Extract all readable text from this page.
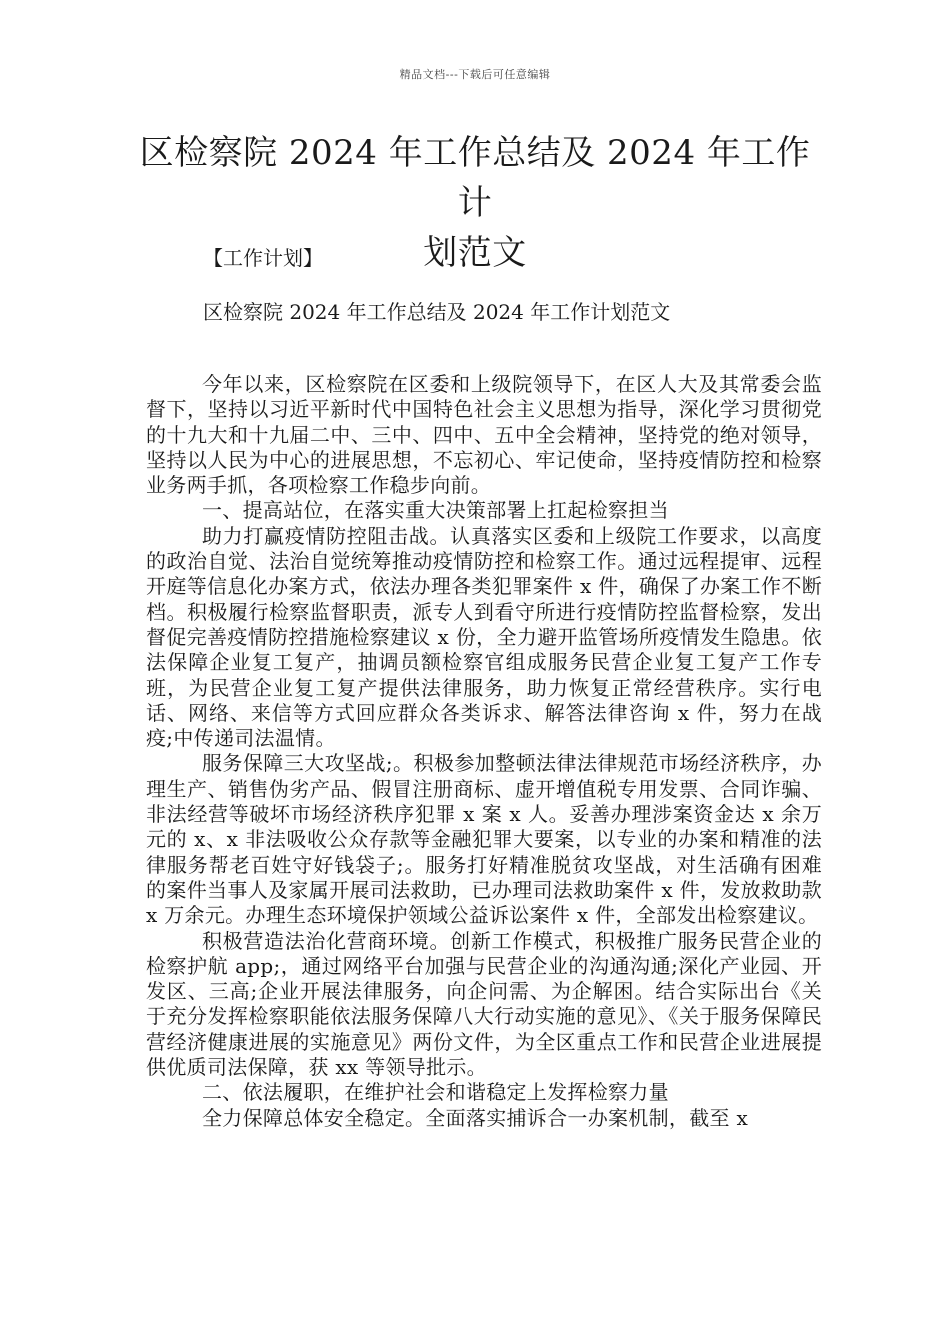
精品文档---下载后可任意编辑
区检察院 2024 年工作总结及 2024 年工作计
划范文
【工作计划】
区检察院 2024 年工作总结及 2024 年工作计划范文

今年以来，区检察院在区委和上级院领导下，在区人大及其常委会监督下，坚持以习近平新时代中国特色社会主义思想为指导，深化学习贯彻党的十九大和十九届二中、三中、四中、五中全会精神，坚持党的绝对领导，坚持以人民为中心的进展思想，不忘初心、牢记使命，坚持疫情防控和检察业务两手抓，各项检察工作稳步向前。

一、提高站位，在落实重大决策部署上扛起检察担当

助力打赢疫情防控阻击战。认真落实区委和上级院工作要求，以高度的政治自觉、法治自觉统筹推动疫情防控和检察工作。通过远程提审、远程开庭等信息化办案方式，依法办理各类犯罪案件 x 件，确保了办案工作不断档。积极履行检察监督职责，派专人到看守所进行疫情防控监督检察，发出督促完善疫情防控措施检察建议 x 份，全力避开监管场所疫情发生隐患。依法保障企业复工复产，抽调员额检察官组成服务民营企业复工复产工作专班，为民营企业复工复产提供法律服务，助力恢复正常经营秩序。实行电话、网络、来信等方式回应群众各类诉求、解答法律咨询 x 件，努力在战疫;中传递司法温情。

服务保障三大攻坚战;。积极参加整顿法律法律规范市场经济秩序，办理生产、销售伪劣产品、假冒注册商标、虚开增值税专用发票、合同诈骗、非法经营等破坏市场经济秩序犯罪 x 案 x 人。妥善办理涉案资金达 x 余万元的 x、x 非法吸收公众存款等金融犯罪大要案，以专业的办案和精准的法律服务帮老百姓守好钱袋子;。服务打好精准脱贫攻坚战，对生活确有困难的案件当事人及家属开展司法救助，已办理司法救助案件 x 件，发放救助款 x 万余元。办理生态环境保护领域公益诉讼案件 x 件，全部发出检察建议。

积极营造法治化营商环境。创新工作模式，积极推广服务民营企业的检察护航 app;，通过网络平台加强与民营企业的沟通沟通;深化产业园、开发区、三高;企业开展法律服务，向企问需、为企解困。结合实际出台《关于充分发挥检察职能依法服务保障八大行动实施的意见》、《关于服务保障民营经济健康进展的实施意见》两份文件，为全区重点工作和民营企业进展提供优质司法保障，获 xx 等领导批示。

二、依法履职，在维护社会和谐稳定上发挥检察力量

全力保障总体安全稳定。全面落实捕诉合一办案机制，截至 x
